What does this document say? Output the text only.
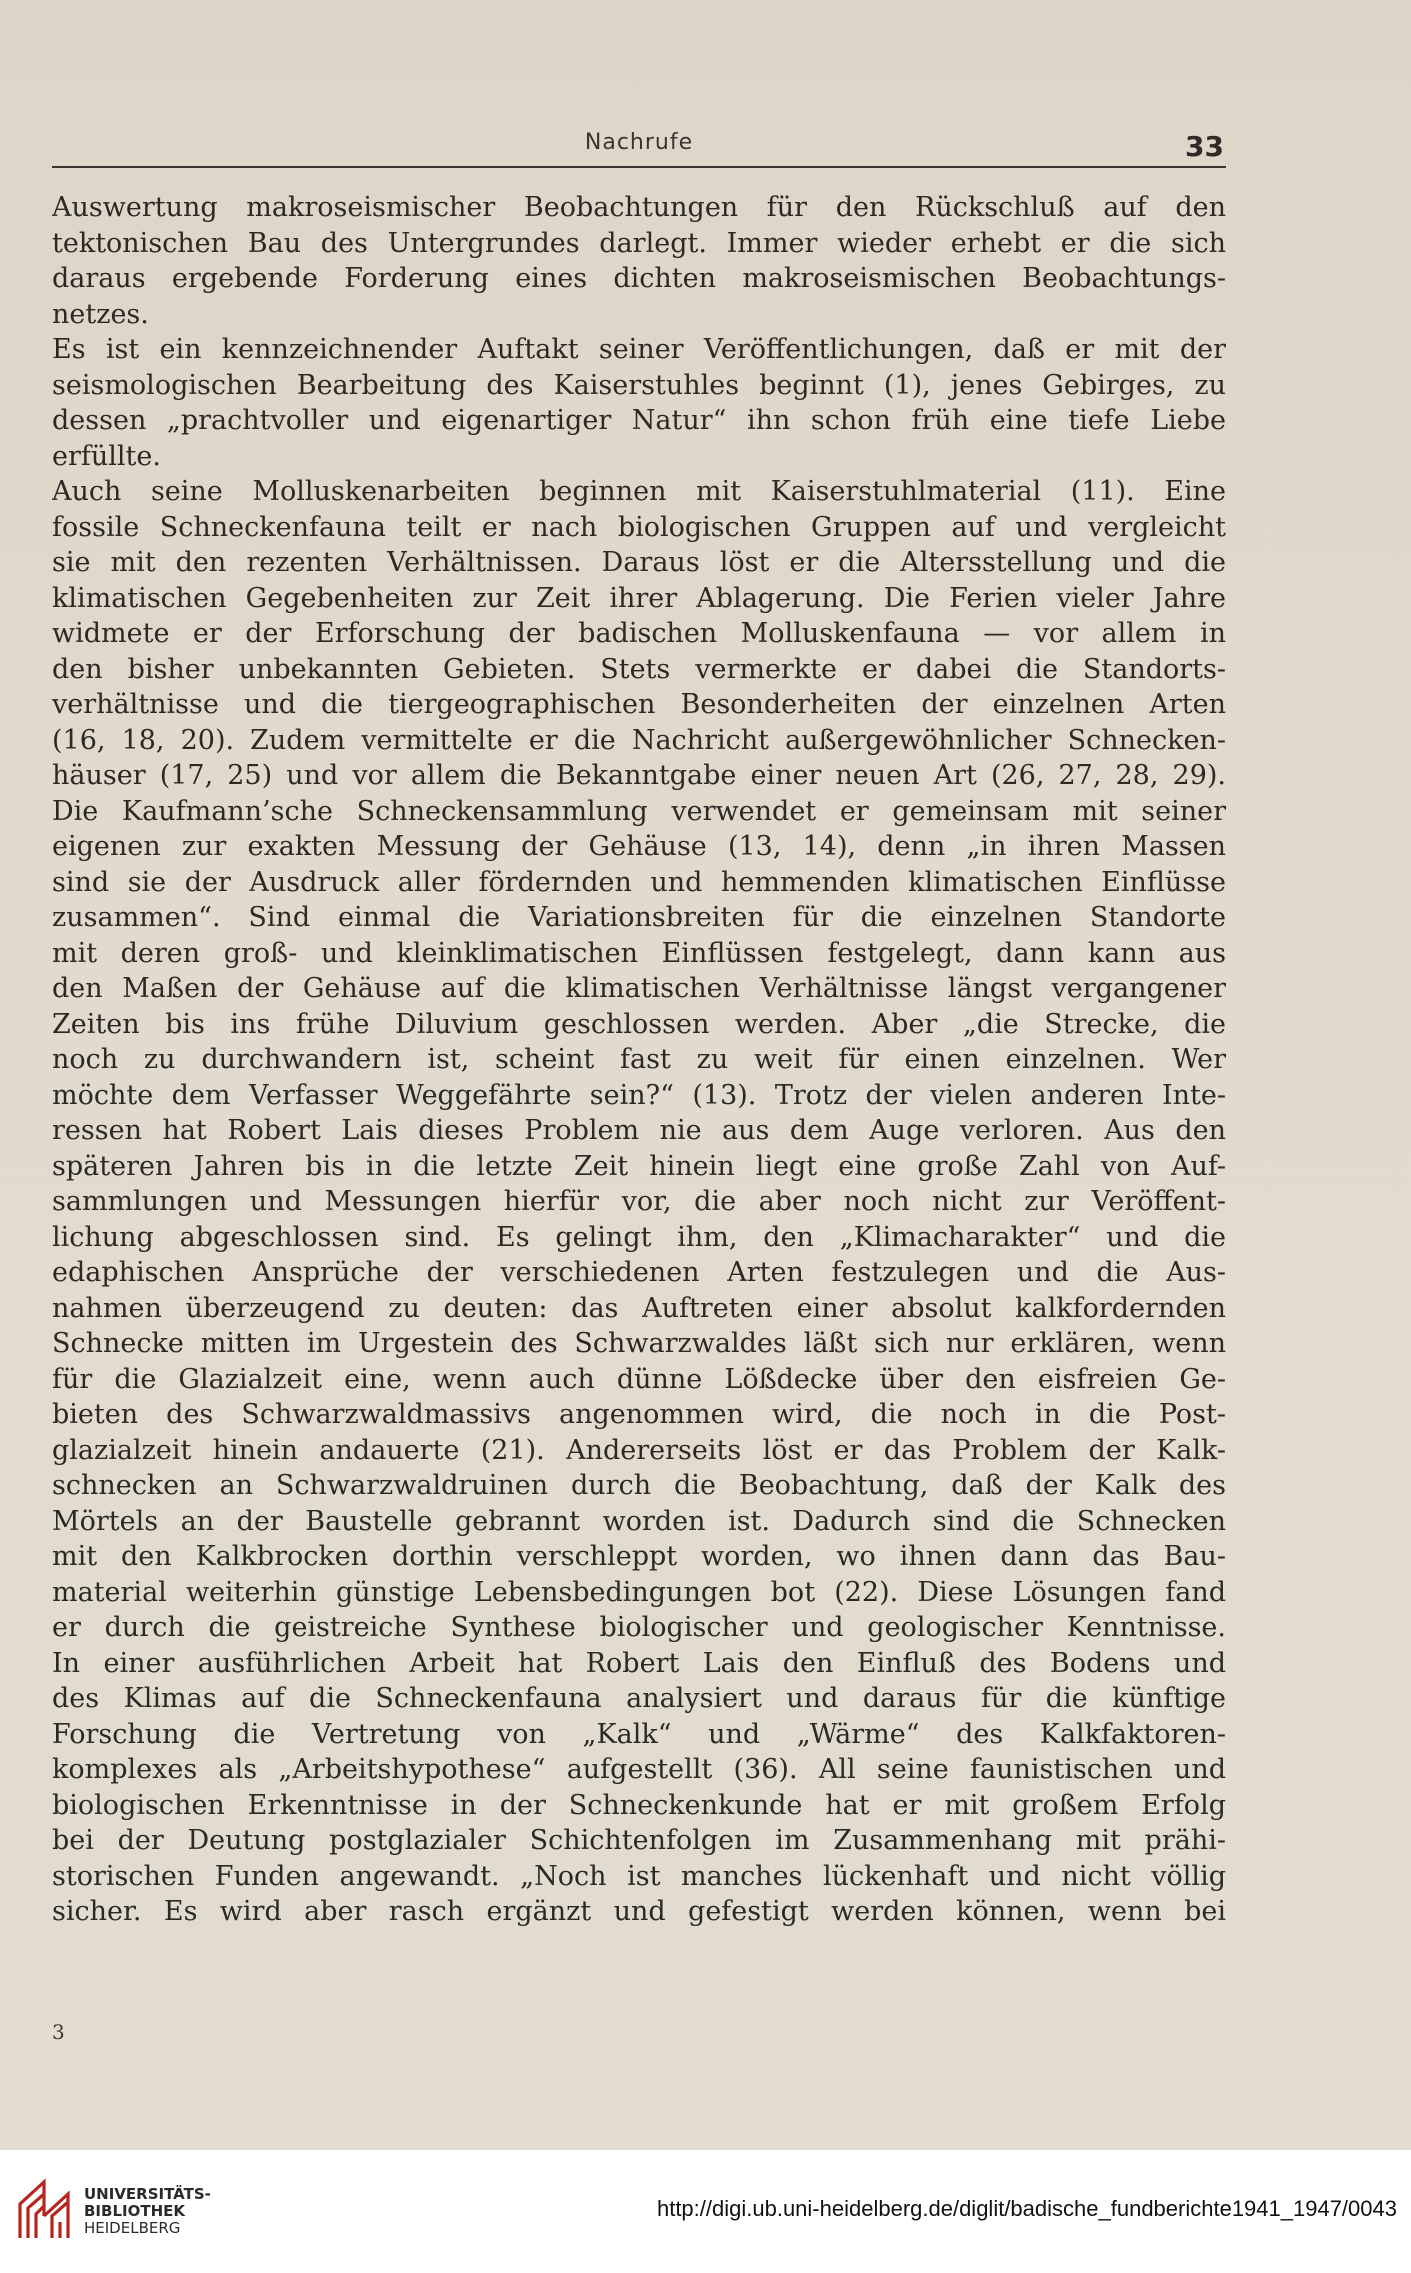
Nachrufe	33

Auswertung makroseismischer Beobachtungen für den Rückschluß auf den

tektonischen Bau des Untergrundes darlegt. Immer wieder erhebt er die sich

daraus ergebende Forderung eines dichten makroseismischen Beobachtungs-

netzes.

Es ist ein kennzeichnender Auftakt seiner Veröffentlichungen, daß er mit der

seismologischen Bearbeitung des Kaiserstuhles beginnt (1), jenes Gebirges, zu

dessen „prachtvoller und eigenartiger Natur“ ihn schon früh eine tiefe Liebe

erfüllte.

Auch seine Molluskenarbeiten beginnen mit Kaiserstuhlmaterial (11). Eine

fossile Schneckenfauna teilt er nach biologischen Gruppen auf und vergleicht

sie mit den rezenten Verhältnissen. Daraus löst er die Altersstellung und die

klimatischen Gegebenheiten zur Zeit ihrer Ablagerung. Die Ferien vieler Jahre

widmete er der Erforschung der badischen Molluskenfauna — vor allem in

den bisher unbekannten Gebieten. Stets vermerkte er dabei die Standorts-

verhältnisse und die tiergeographischen Besonderheiten der einzelnen Arten

(16, 18, 20). Zudem vermittelte er die Nachricht außergewöhnlicher Schnecken-

häuser (17, 25) und vor allem die Bekanntgabe einer neuen Art (26, 27, 28, 29).

Die Kaufmann’sche Schneckensammlung verwendet er gemeinsam mit seiner

eigenen zur exakten Messung der Gehäuse (13, 14), denn „in ihren Massen

sind sie der Ausdruck aller fördernden und hemmenden klimatischen Einflüsse

zusammen“. Sind einmal die Variationsbreiten für die einzelnen Standorte

mit deren groß- und kleinklimatischen Einflüssen festgelegt, dann kann aus

den Maßen der Gehäuse auf die klimatischen Verhältnisse längst vergangener

Zeiten bis ins frühe Diluvium geschlossen werden. Aber „die Strecke, die

noch zu durchwandern ist, scheint fast zu weit für einen einzelnen. Wer

möchte dem Verfasser Weggefährte sein?“ (13). Trotz der vielen anderen Inte-

ressen hat Robert Lais dieses Problem nie aus dem Auge verloren. Aus den

späteren Jahren bis in die letzte Zeit hinein liegt eine große Zahl von Auf-

sammlungen und Messungen hierfür vor, die aber noch nicht zur Veröffent-

lichung abgeschlossen sind. Es gelingt ihm, den „Klimacharakter“ und die

edaphischen Ansprüche der verschiedenen Arten festzulegen und die Aus-

nahmen überzeugend zu deuten: das Auftreten einer absolut kalkfordernden

Schnecke mitten im Urgestein des Schwarzwaldes läßt sich nur erklären, wenn

für die Glazialzeit eine, wenn auch dünne Lößdecke über den eisfreien Ge-

bieten des Schwarzwaldmassivs angenommen wird, die noch in die Post-

glazialzeit hinein andauerte (21). Andererseits löst er das Problem der Kalk-

schnecken an Schwarzwaldruinen durch die Beobachtung, daß der Kalk des

Mörtels an der Baustelle gebrannt worden ist. Dadurch sind die Schnecken

mit den Kalkbrocken dorthin verschleppt worden, wo ihnen dann das Bau-

material weiterhin günstige Lebensbedingungen bot (22). Diese Lösungen fand

er durch die geistreiche Synthese biologischer und geologischer Kenntnisse.

In einer ausführlichen Arbeit hat Robert Lais den Einfluß des Bodens und

des Klimas auf die Schneckenfauna analysiert und daraus für die künftige

Forschung die Vertretung von „Kalk“ und „Wärme“ des Kalkfaktoren-

komplexes als „Arbeitshypothese“ aufgestellt (36). All seine faunistischen und

biologischen Erkenntnisse in der Schneckenkunde hat er mit großem Erfolg

bei der Deutung postglazialer Schichtenfolgen im Zusammenhang mit prähi-

storischen Funden angewandt. „Noch ist manches lückenhaft und nicht völlig

sicher. Es wird aber rasch ergänzt und gefestigt werden können, wenn bei

3
UNIVERSITÄTS-
BIBLIOTHEK
HEIDELBERG
http://digi.ub.uni-heidelberg.de/diglit/badische_fundberichte1941_1947/0043
